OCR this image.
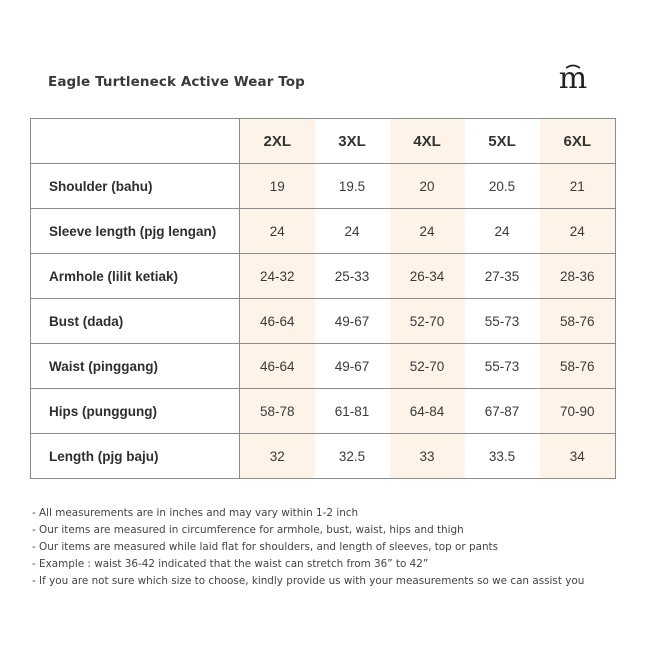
Eagle Turtleneck Active Wear Top	m
	2XL	3XL	4XL	5XL	6XL
Shoulder (bahu)	19	19.5	20	20.5	21
Sleeve length (pjg lengan)	24	24	24	24	24
Armhole (lilit ketiak)	24-32	25-33	26-34	27-35	28-36
Bust (dada)	46-64	49-67	52-70	55-73	58-76
Waist (pinggang)	46-64	49-67	52-70	55-73	58-76
Hips (punggung)	58-78	61-81	64-84	67-87	70-90
Length (pjg baju)	32	32.5	33	33.5	34
- All measurements are in inches and may vary within 1-2 inch
- Our items are measured in circumference for armhole, bust, waist, hips and thigh
- Our items are measured while laid flat for shoulders, and length of sleeves, top or pants
- Example : waist 36-42 indicated that the waist can stretch from 36” to 42”
- If you are not sure which size to choose, kindly provide us with your measurements so we can assist you
